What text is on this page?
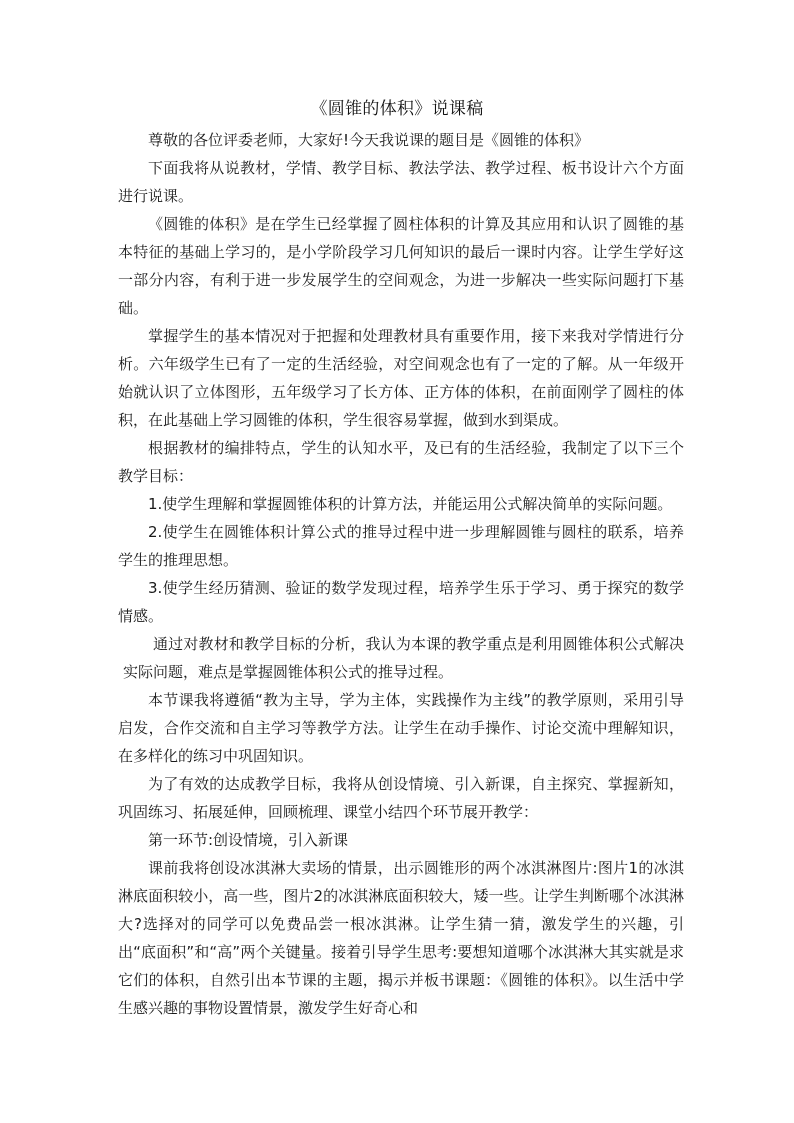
《圆锥的体积》说课稿

尊敬的各位评委老师，大家好!今天我说课的题目是《圆锥的体积》

下面我将从说教材，学情、教学目标、教法学法、教学过程、板书设计六个方面进行说课。

《圆锥的体积》是在学生已经掌握了圆柱体积的计算及其应用和认识了圆锥的基本特征的基础上学习的，是小学阶段学习几何知识的最后一课时内容。让学生学好这一部分内容，有利于进一步发展学生的空间观念，为进一步解决一些实际问题打下基础。

掌握学生的基本情况对于把握和处理教材具有重要作用，接下来我对学情进行分析。六年级学生已有了一定的生活经验，对空间观念也有了一定的了解。从一年级开始就认识了立体图形，五年级学习了长方体、正方体的体积，在前面刚学了圆柱的体积，在此基础上学习圆锥的体积，学生很容易掌握，做到水到渠成。

根据教材的编排特点，学生的认知水平，及已有的生活经验，我制定了以下三个教学目标：

1.使学生理解和掌握圆锥体积的计算方法，并能运用公式解决简单的实际问题。

2.使学生在圆锥体积计算公式的推导过程中进一步理解圆锥与圆柱的联系，培养学生的推理思想。

3.使学生经历猜测、验证的数学发现过程，培养学生乐于学习、勇于探究的数学情感。

通过对教材和教学目标的分析，我认为本课的教学重点是利用圆锥体积公式解决实际问题，难点是掌握圆锥体积公式的推导过程。

本节课我将遵循“教为主导，学为主体，实践操作为主线”的教学原则，采用引导启发，合作交流和自主学习等教学方法。让学生在动手操作、讨论交流中理解知识，在多样化的练习中巩固知识。

为了有效的达成教学目标，我将从创设情境、引入新课，自主探究、掌握新知，巩固练习、拓展延伸，回顾梳理、课堂小结四个环节展开教学：

第一环节:创设情境，引入新课

课前我将创设冰淇淋大卖场的情景，出示圆锥形的两个冰淇淋图片:图片1的冰淇淋底面积较小，高一些，图片2的冰淇淋底面积较大，矮一些。让学生判断哪个冰淇淋大?选择对的同学可以免费品尝一根冰淇淋。让学生猜一猜，激发学生的兴趣，引出“底面积”和“高”两个关键量。接着引导学生思考:要想知道哪个冰淇淋大其实就是求它们的体积，自然引出本节课的主题，揭示并板书课题：《圆锥的体积》。以生活中学生感兴趣的事物设置情景，激发学生好奇心和
